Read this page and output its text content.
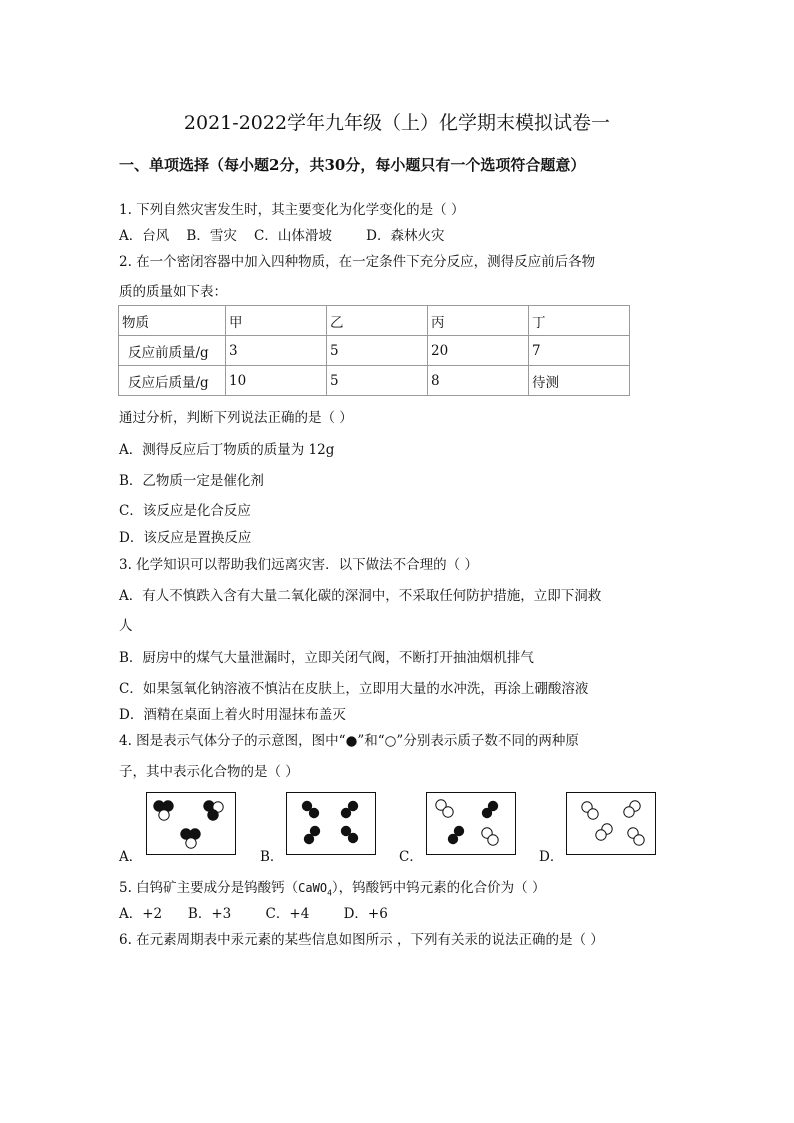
2021-2022学年九年级（上）化学期末模拟试卷一
一、单项选择（每小题2分，共30分，每小题只有一个选项符合题意）
1. 下列自然灾害发生时，其主要变化为化学变化的是（ ）
A．台风    B．雪灾    C．山体滑坡        D．森林火灾
2. 在一个密闭容器中加入四种物质，在一定条件下充分反应，测得反应前后各物
质的质量如下表：
物质	甲	乙	丙	丁
反应前质量/g	3	5	20	7
反应后质量/g	10	5	8	待测
通过分析，判断下列说法正确的是（ ）
A．测得反应后丁物质的质量为 12g
B．乙物质一定是催化剂
C．该反应是化合反应
D．该反应是置换反应
3. 化学知识可以帮助我们远离灾害．以下做法不合理的（ ）
A．有人不慎跌入含有大量二氧化碳的深洞中，不采取任何防护措施，立即下洞救
人
B．厨房中的煤气大量泄漏时，立即关闭气阀，不断打开抽油烟机排气
C．如果氢氧化钠溶液不慎沾在皮肤上，立即用大量的水冲洗，再涂上硼酸溶液
D．酒精在桌面上着火时用湿抹布盖灭
4. 图是表示气体分子的示意图，图中“●”和“○”分别表示质子数不同的两种原
子，其中表示化合物的是（ ）
A．	B．	C．	D．
5. 白钨矿主要成分是钨酸钙（CaWO$_4$），钨酸钙中钨元素的化合价为（ ）
A．+2      B．+3        C．+4        D．+6
6. 在元素周期表中汞元素的某些信息如图所示 ，下列有关汞的说法正确的是（ ）
